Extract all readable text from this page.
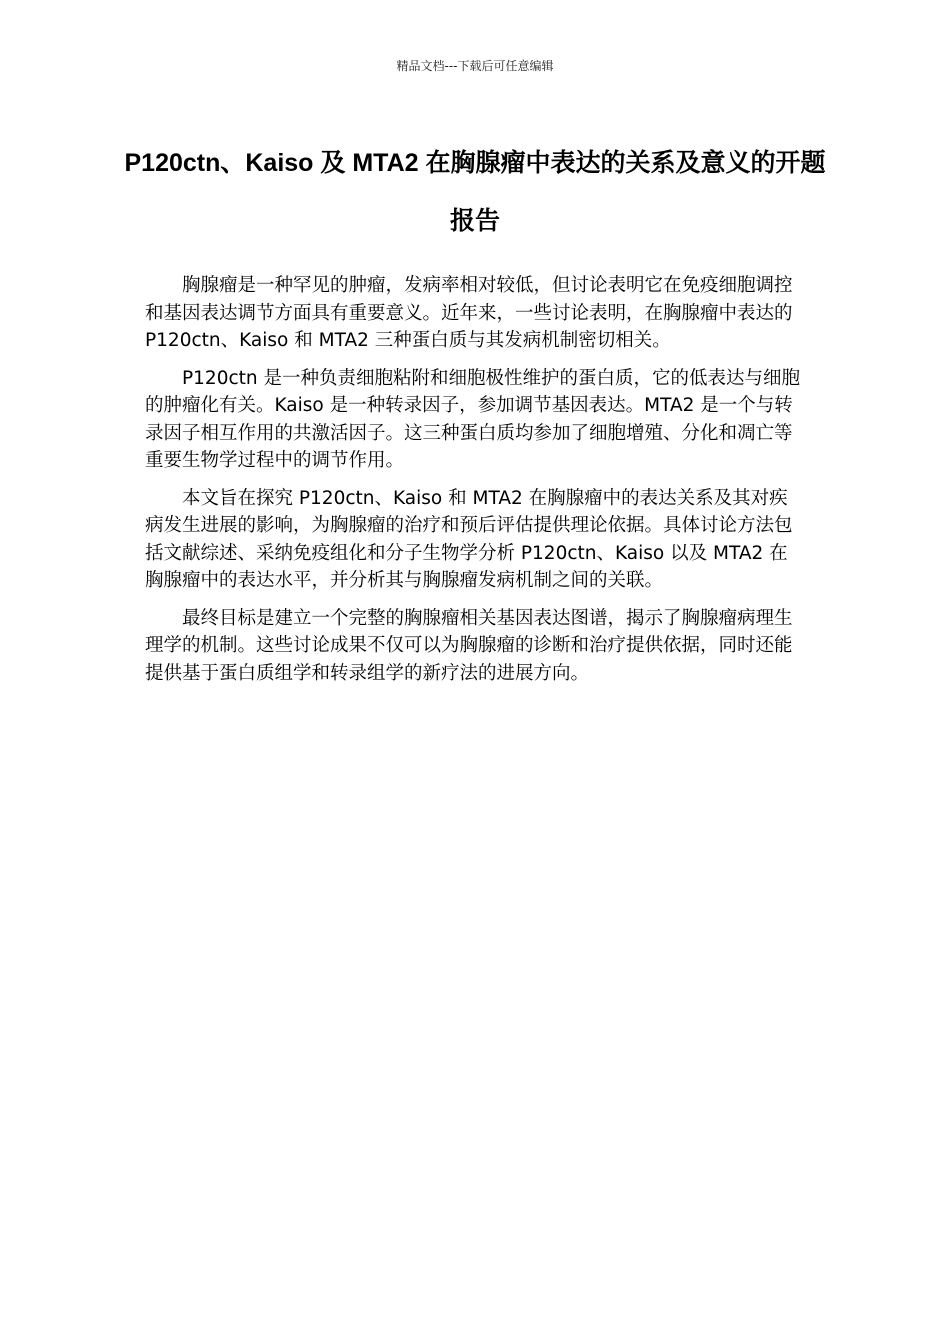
精品文档---下载后可任意编辑
P120ctn、Kaiso 及 MTA2 在胸腺瘤中表达的关系及意义的开题报告

胸腺瘤是一种罕见的肿瘤，发病率相对较低，但讨论表明它在免疫细胞调控和基因表达调节方面具有重要意义。近年来，一些讨论表明，在胸腺瘤中表达的 P120ctn、Kaiso 和 MTA2 三种蛋白质与其发病机制密切相关。

P120ctn 是一种负责细胞粘附和细胞极性维护的蛋白质，它的低表达与细胞的肿瘤化有关。Kaiso 是一种转录因子，参加调节基因表达。MTA2 是一个与转录因子相互作用的共激活因子。这三种蛋白质均参加了细胞增殖、分化和凋亡等重要生物学过程中的调节作用。

本文旨在探究 P120ctn、Kaiso 和 MTA2 在胸腺瘤中的表达关系及其对疾病发生进展的影响，为胸腺瘤的治疗和预后评估提供理论依据。具体讨论方法包括文献综述、采纳免疫组化和分子生物学分析 P120ctn、Kaiso 以及 MTA2 在胸腺瘤中的表达水平，并分析其与胸腺瘤发病机制之间的关联。

最终目标是建立一个完整的胸腺瘤相关基因表达图谱，揭示了胸腺瘤病理生理学的机制。这些讨论成果不仅可以为胸腺瘤的诊断和治疗提供依据，同时还能提供基于蛋白质组学和转录组学的新疗法的进展方向。
